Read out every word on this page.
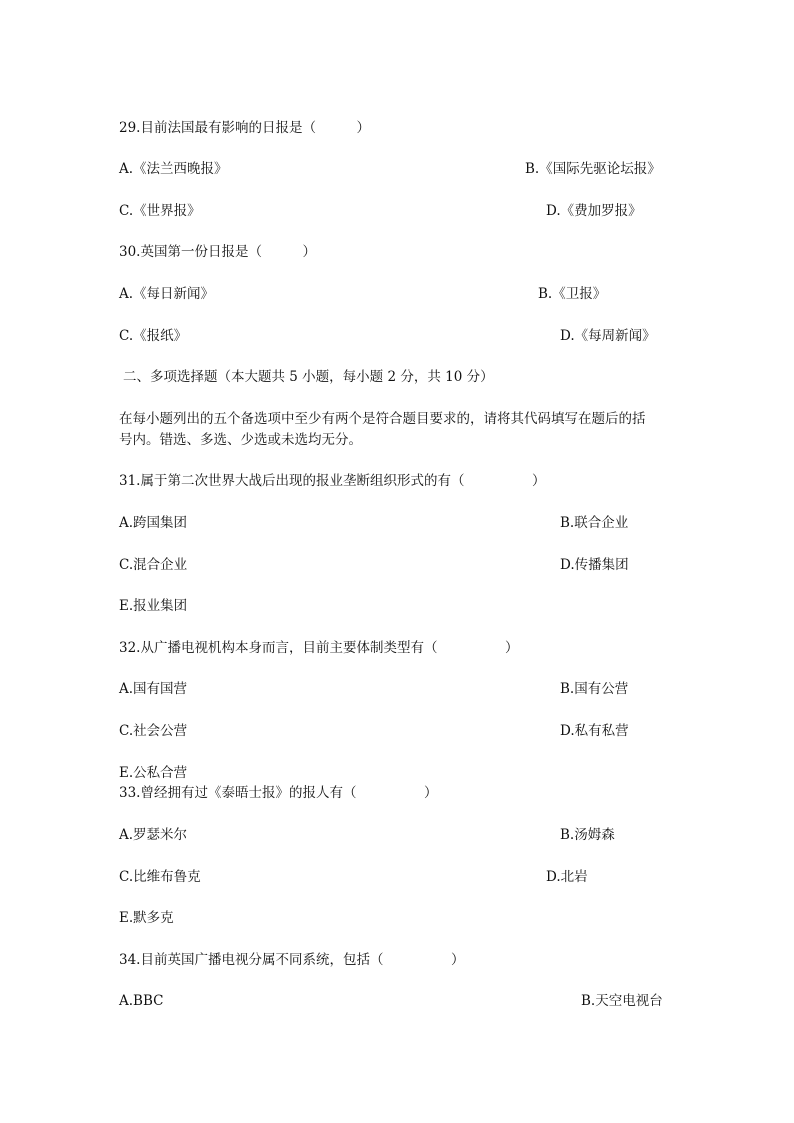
29.目前法国最有影响的日报是（　　　）
A.《法兰西晚报》	B.《国际先驱论坛报》
C.《世界报》	D.《费加罗报》
30.英国第一份日报是（　　　）
A.《每日新闻》	B.《卫报》
C.《报纸》	D.《每周新闻》
二、多项选择题（本大题共 5 小题，每小题 2 分，共 10 分）
在每小题列出的五个备选项中至少有两个是符合题目要求的，请将其代码填写在题后的括
号内。错选、多选、少选或未选均无分。
31.属于第二次世界大战后出现的报业垄断组织形式的有（　　　　　）
A.跨国集团	B.联合企业
C.混合企业	D.传播集团
E.报业集团
32.从广播电视机构本身而言，目前主要体制类型有（　　　　　）
A.国有国营	B.国有公营
C.社会公营	D.私有私营
E.公私合营
33.曾经拥有过《泰晤士报》的报人有（　　　　　）
A.罗瑟米尔	B.汤姆森
C.比维布鲁克	D.北岩
E.默多克
34.目前英国广播电视分属不同系统，包括（　　　　　）
A.BBC	B.天空电视台
